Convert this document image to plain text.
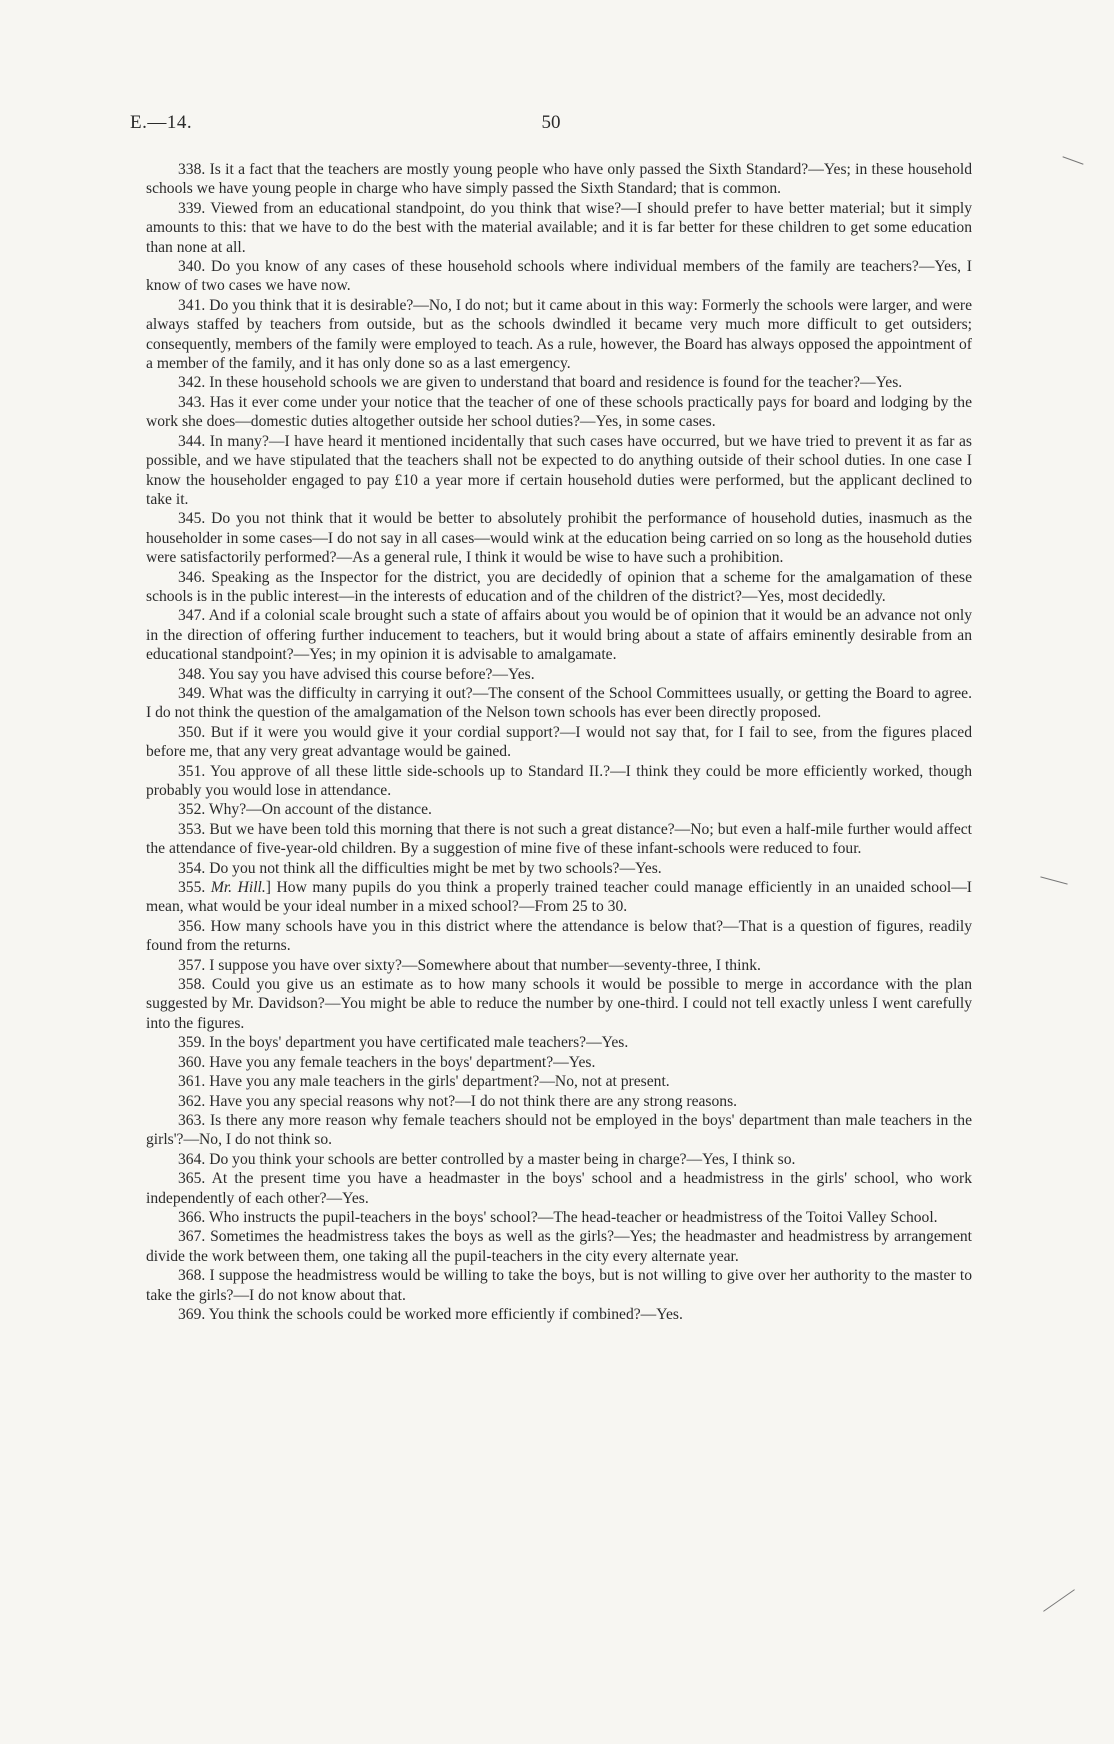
E.—14.	50

338. Is it a fact that the teachers are mostly young people who have only passed the Sixth Standard?—Yes; in these household schools we have young people in charge who have simply passed the Sixth Standard; that is common.

339. Viewed from an educational standpoint, do you think that wise?—I should prefer to have better material; but it simply amounts to this: that we have to do the best with the material available; and it is far better for these children to get some education than none at all.

340. Do you know of any cases of these household schools where individual members of the family are teachers?—Yes, I know of two cases we have now.

341. Do you think that it is desirable?—No, I do not; but it came about in this way: Formerly the schools were larger, and were always staffed by teachers from outside, but as the schools dwindled it became very much more difficult to get outsiders; consequently, members of the family were employed to teach. As a rule, however, the Board has always opposed the appointment of a member of the family, and it has only done so as a last emergency.

342. In these household schools we are given to understand that board and residence is found for the teacher?—Yes.

343. Has it ever come under your notice that the teacher of one of these schools practically pays for board and lodging by the work she does—domestic duties altogether outside her school duties?—Yes, in some cases.

344. In many?—I have heard it mentioned incidentally that such cases have occurred, but we have tried to prevent it as far as possible, and we have stipulated that the teachers shall not be expected to do anything outside of their school duties. In one case I know the householder engaged to pay £10 a year more if certain household duties were performed, but the applicant declined to take it.

345. Do you not think that it would be better to absolutely prohibit the performance of household duties, inasmuch as the householder in some cases—I do not say in all cases—would wink at the education being carried on so long as the household duties were satisfactorily performed?—As a general rule, I think it would be wise to have such a prohibition.

346. Speaking as the Inspector for the district, you are decidedly of opinion that a scheme for the amalgamation of these schools is in the public interest—in the interests of education and of the children of the district?—Yes, most decidedly.

347. And if a colonial scale brought such a state of affairs about you would be of opinion that it would be an advance not only in the direction of offering further inducement to teachers, but it would bring about a state of affairs eminently desirable from an educational standpoint?—Yes; in my opinion it is advisable to amalgamate.

348. You say you have advised this course before?—Yes.

349. What was the difficulty in carrying it out?—The consent of the School Committees usually, or getting the Board to agree. I do not think the question of the amalgamation of the Nelson town schools has ever been directly proposed.

350. But if it were you would give it your cordial support?—I would not say that, for I fail to see, from the figures placed before me, that any very great advantage would be gained.

351. You approve of all these little side-schools up to Standard II.?—I think they could be more efficiently worked, though probably you would lose in attendance.

352. Why?—On account of the distance.

353. But we have been told this morning that there is not such a great distance?—No; but even a half-mile further would affect the attendance of five-year-old children. By a suggestion of mine five of these infant-schools were reduced to four.

354. Do you not think all the difficulties might be met by two schools?—Yes.

355. Mr. Hill.] How many pupils do you think a properly trained teacher could manage efficiently in an unaided school—I mean, what would be your ideal number in a mixed school?—From 25 to 30.

356. How many schools have you in this district where the attendance is below that?—That is a question of figures, readily found from the returns.

357. I suppose you have over sixty?—Somewhere about that number—seventy-three, I think.

358. Could you give us an estimate as to how many schools it would be possible to merge in accordance with the plan suggested by Mr. Davidson?—You might be able to reduce the number by one-third. I could not tell exactly unless I went carefully into the figures.

359. In the boys' department you have certificated male teachers?—Yes.

360. Have you any female teachers in the boys' department?—Yes.

361. Have you any male teachers in the girls' department?—No, not at present.

362. Have you any special reasons why not?—I do not think there are any strong reasons.

363. Is there any more reason why female teachers should not be employed in the boys' department than male teachers in the girls'?—No, I do not think so.

364. Do you think your schools are better controlled by a master being in charge?—Yes, I think so.

365. At the present time you have a headmaster in the boys' school and a headmistress in the girls' school, who work independently of each other?—Yes.

366. Who instructs the pupil-teachers in the boys' school?—The head-teacher or headmistress of the Toitoi Valley School.

367. Sometimes the headmistress takes the boys as well as the girls?—Yes; the headmaster and headmistress by arrangement divide the work between them, one taking all the pupil-teachers in the city every alternate year.

368. I suppose the headmistress would be willing to take the boys, but is not willing to give over her authority to the master to take the girls?—I do not know about that.

369. You think the schools could be worked more efficiently if combined?—Yes.
